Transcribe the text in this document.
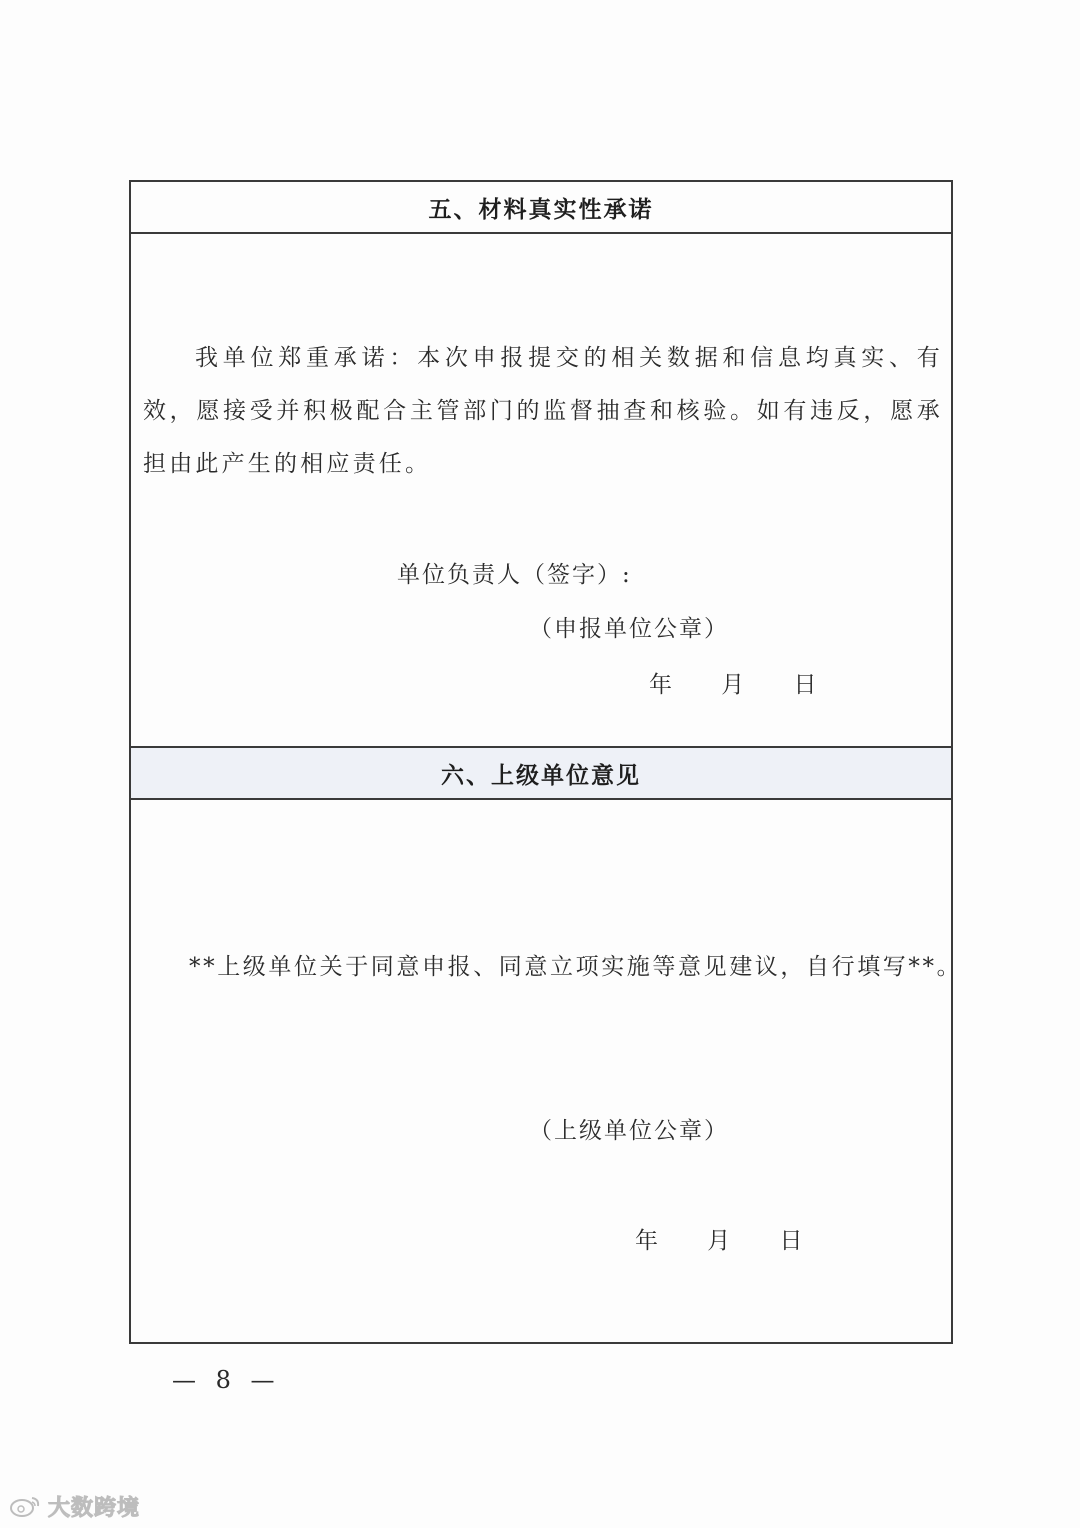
五、材料真实性承诺
我单位郑重承诺：本次申报提交的相关数据和信息均真实、有效，愿接受并积极配合主管部门的监督抽查和核验。如有违反，愿承担由此产生的相应责任。
单位负责人（签字）:
（申报单位公章）
年    月    日
六、上级单位意见
**上级单位关于同意申报、同意立项实施等意见建议，自行填写**。
（上级单位公章）
年    月    日
— 8 —
大数跨境
